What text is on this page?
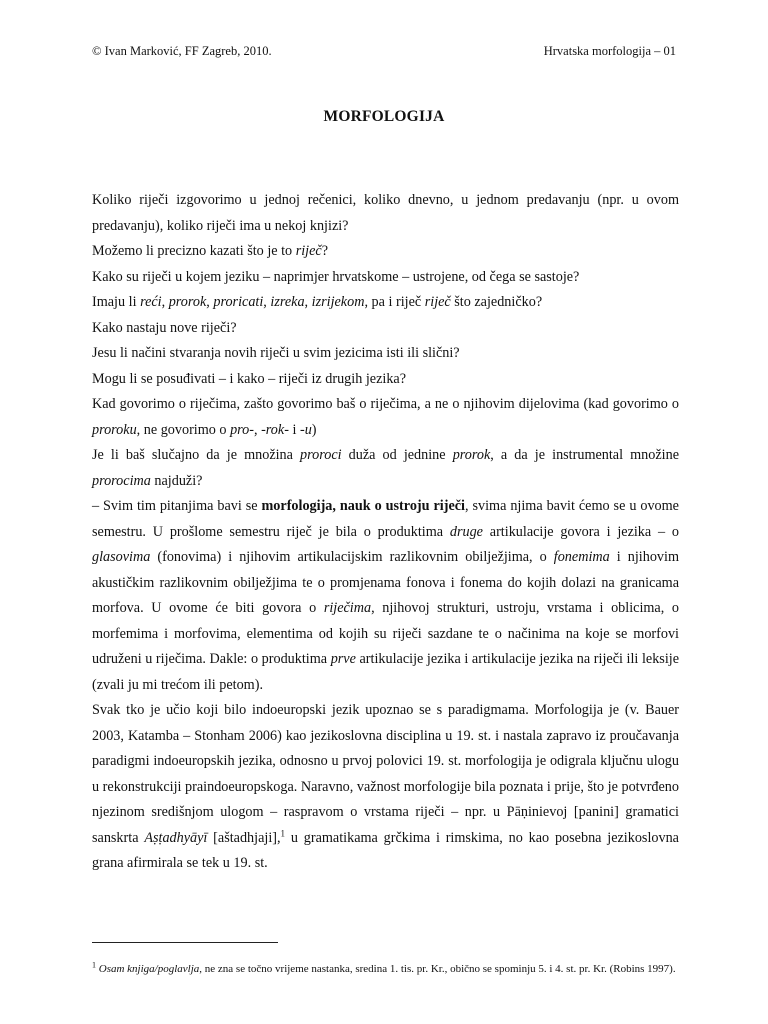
© Ivan Marković, FF Zagreb, 2010.	Hrvatska morfologija – 01
MORFOLOGIJA

Koliko riječi izgovorimo u jednoj rečenici, koliko dnevno, u jednom predavanju (npr. u ovom predavanju), koliko riječi ima u nekoj knjizi?

Možemo li precizno kazati što je to riječ?

Kako su riječi u kojem jeziku – naprimjer hrvatskome – ustrojene, od čega se sastoje?

Imaju li reći, prorok, proricati, izreka, izrijekom, pa i riječ riječ što zajedničko?

Kako nastaju nove riječi?

Jesu li načini stvaranja novih riječi u svim jezicima isti ili slični?

Mogu li se posuđivati – i kako – riječi iz drugih jezika?

Kad govorimo o riječima, zašto govorimo baš o riječima, a ne o njihovim dijelovima (kad govorimo o proroku, ne govorimo o pro-, -rok- i -u)

Je li baš slučajno da je množina proroci duža od jednine prorok, a da je instrumental množine prorocima najduži?

– Svim tim pitanjima bavi se morfologija, nauk o ustroju riječi, svima njima bavit ćemo se u ovome semestru. U prošlome semestru riječ je bila o produktima druge artikulacije govora i jezika – o glasovima (fonovima) i njihovim artikulacijskim razlikovnim obilježjima, o fonemima i njihovim akustičkim razlikovnim obilježjima te o promjenama fonova i fonema do kojih dolazi na granicama morfova. U ovome će biti govora o riječima, njihovoj strukturi, ustroju, vrstama i oblicima, o morfemima i morfovima, elementima od kojih su riječi sazdane te o načinima na koje se morfovi udruženi u riječima. Dakle: o produktima prve artikulacije jezika i artikulacije jezika na riječi ili leksije (zvali ju mi trećom ili petom).

Svak tko je učio koji bilo indoeuropski jezik upoznao se s paradigmama. Morfologija je (v. Bauer 2003, Katamba – Stonham 2006) kao jezikoslovna disciplina u 19. st. i nastala zapravo iz proučavanja paradigmi indoeuropskih jezika, odnosno u prvoj polovici 19. st. morfologija je odigrala ključnu ulogu u rekonstrukciji praindoeuropskoga. Naravno, važnost morfologije bila poznata i prije, što je potvrđeno njezinom središnjom ulogom – raspravom o vrstama riječi – npr. u Pāṇinievoj [panini] gramatici sanskrta Aṣṭadhyāyī [aštadhjaji],$^1$ u gramatikama grčkima i rimskima, no kao posebna jezikoslovna grana afirmirala se tek u 19. st.

$^1$ Osam knjiga/poglavlja, ne zna se točno vrijeme nastanka, sredina 1. tis. pr. Kr., obično se spominju 5. i 4. st. pr. Kr. (Robins 1997).
